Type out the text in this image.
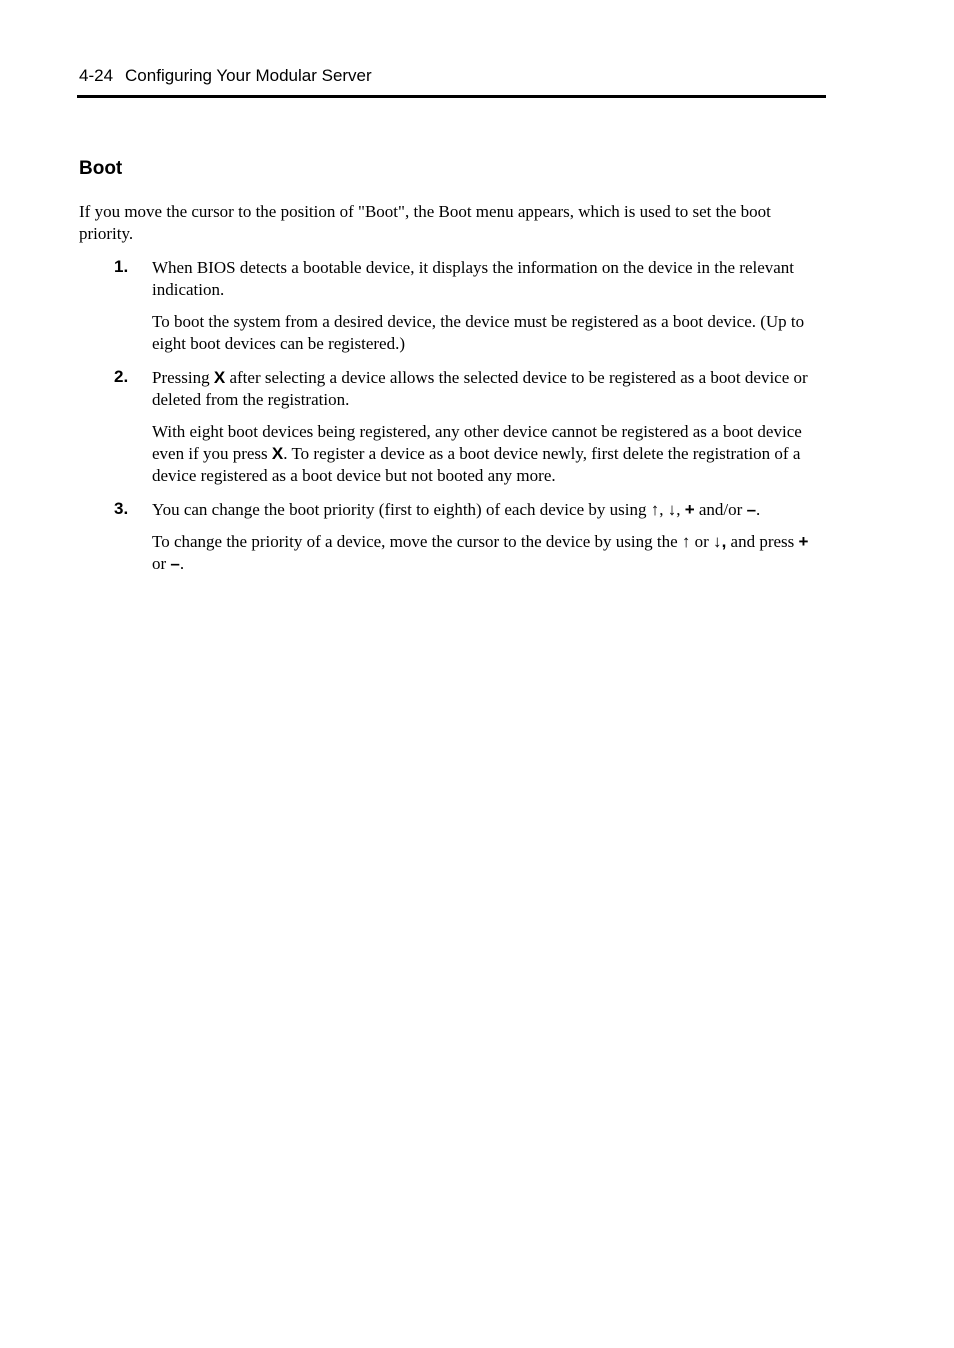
4-24 Configuring Your Modular Server
Boot

If you move the cursor to the position of "Boot", the Boot menu appears, which is used to set the boot priority.

1. When BIOS detects a bootable device, it displays the information on the device in the relevant indication.

To boot the system from a desired device, the device must be registered as a boot device. (Up to eight boot devices can be registered.)

2. Pressing X after selecting a device allows the selected device to be registered as a boot device or deleted from the registration.

With eight boot devices being registered, any other device cannot be registered as a boot device even if you press X. To register a device as a boot device newly, first delete the registration of a device registered as a boot device but not booted any more.

3. You can change the boot priority (first to eighth) of each device by using ↑, ↓, + and/or –.

To change the priority of a device, move the cursor to the device by using the ↑ or ↓, and press + or –.
